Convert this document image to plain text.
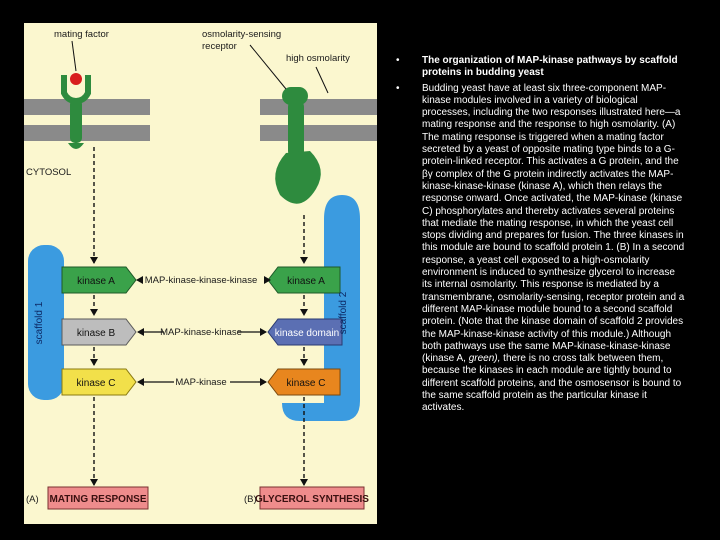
mating factor	osmolarity-sensing
receptor
high osmolarity
CYTOSOL
MAP-kinase-kinase-kinase
MAP-kinase-kinase
MAP-kinase
kinase A
kinase B
kinase C
kinase A
kinase domain
kinase C
scaffold 1	scaffold 2
MATING RESPONSE	GLYCEROL SYNTHESIS
(A)	(B)
•	The organization of MAP-kinase pathways by scaffold proteins in budding yeast
•	Budding yeast have at least six three-component MAP-kinase modules involved in a variety of biological processes, including the two responses illustrated here—a mating response and the response to high osmolarity. (A) The mating response is triggered when a mating factor secreted by a yeast of opposite mating type binds to a G-protein-linked receptor. This activates a G protein, and the βγ complex of the G protein indirectly activates the MAP-kinase-kinase-kinase (kinase A), which then relays the response onward. Once activated, the MAP-kinase (kinase C) phosphorylates and thereby activates several proteins that mediate the mating response, in which the yeast cell stops dividing and prepares for fusion. The three kinases in this module are bound to scaffold protein 1. (B) In a second response, a yeast cell exposed to a high-osmolarity environment is induced to synthesize glycerol to increase its internal osmolarity. This response is mediated by a transmembrane, osmolarity-sensing, receptor protein and a different MAP-kinase module bound to a second scaffold protein. (Note that the kinase domain of scaffold 2 provides the MAP-kinase-kinase activity of this module.) Although both pathways use the same MAP-kinase-kinase-kinase (kinase A, green), there is no cross talk between them, because the kinases in each module are tightly bound to different scaffold proteins, and the osmosensor is bound to the same scaffold protein as the particular kinase it activates.
